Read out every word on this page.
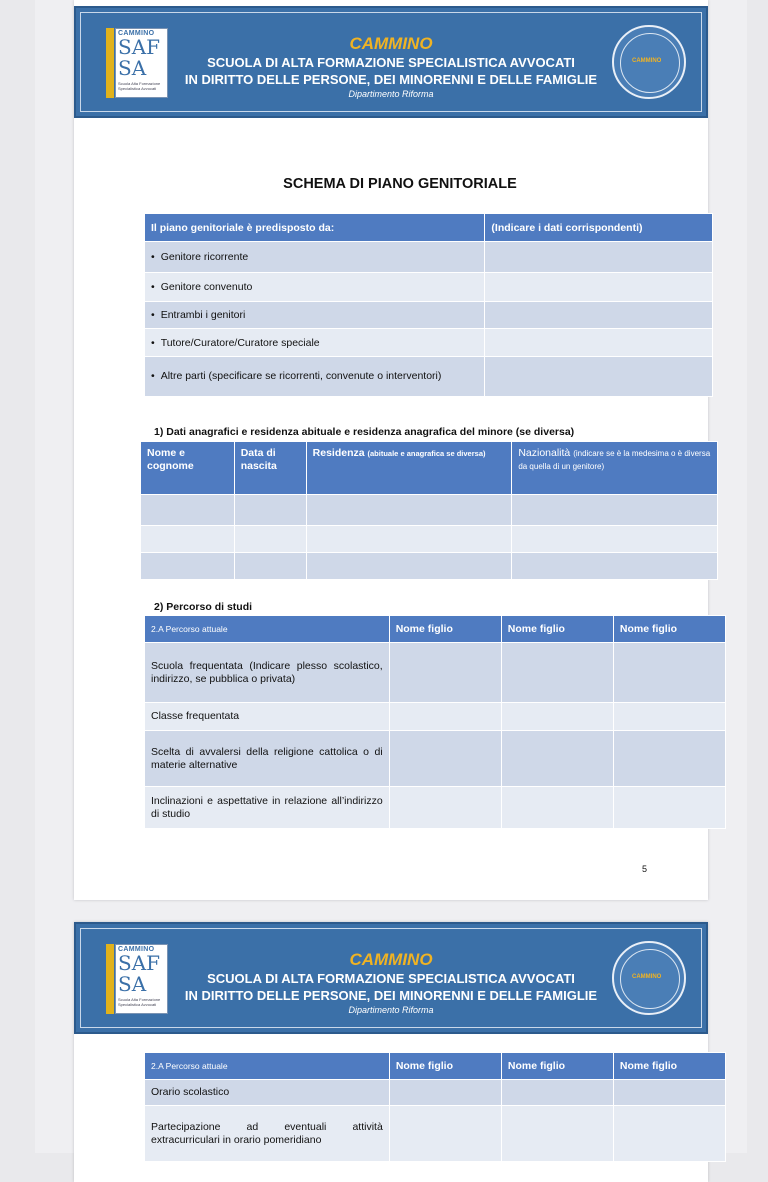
CAMMINO
SAF
SA
Scuola Alta Formazione Specialistica Avvocati
CAMMINO
SCUOLA DI ALTA FORMAZIONE SPECIALISTICA AVVOCATI
IN DIRITTO DELLE PERSONE, DEI MINORENNI E DELLE FAMIGLIE
Dipartimento Riforma
CAMMINO
SCHEMA DI PIANO GENITORIALE
Il piano genitoriale è predisposto da:	(Indicare i dati corrispondenti)
• Genitore ricorrente	
• Genitore convenuto	
• Entrambi i genitori	
• Tutore/Curatore/Curatore speciale	
• Altre parti (specificare se ricorrenti, convenute o interventori)	
1) Dati anagrafici e residenza abituale e residenza anagrafica del minore (se diversa)
Nome e cognome	Data di nascita	Residenza (abituale e anagrafica se diversa)	Nazionalità (indicare se è la medesima o è diversa da quella di un genitore)

2) Percorso di studi
2.A Percorso attuale	Nome figlio	Nome figlio	Nome figlio
Scuola frequentata (Indicare plesso scolastico, indirizzo, se pubblica o privata)			
Classe frequentata			
Scelta di avvalersi della religione cattolica o di materie alternative			
Inclinazioni e aspettative in relazione all’indirizzo di studio			
5
CAMMINO
SAF
SA
Scuola Alta Formazione Specialistica Avvocati
CAMMINO
SCUOLA DI ALTA FORMAZIONE SPECIALISTICA AVVOCATI
IN DIRITTO DELLE PERSONE, DEI MINORENNI E DELLE FAMIGLIE
Dipartimento Riforma
CAMMINO
2.A Percorso attuale	Nome figlio	Nome figlio	Nome figlio
Orario scolastico			
Partecipazione ad eventuali attività extracurriculari in orario pomeridiano			
